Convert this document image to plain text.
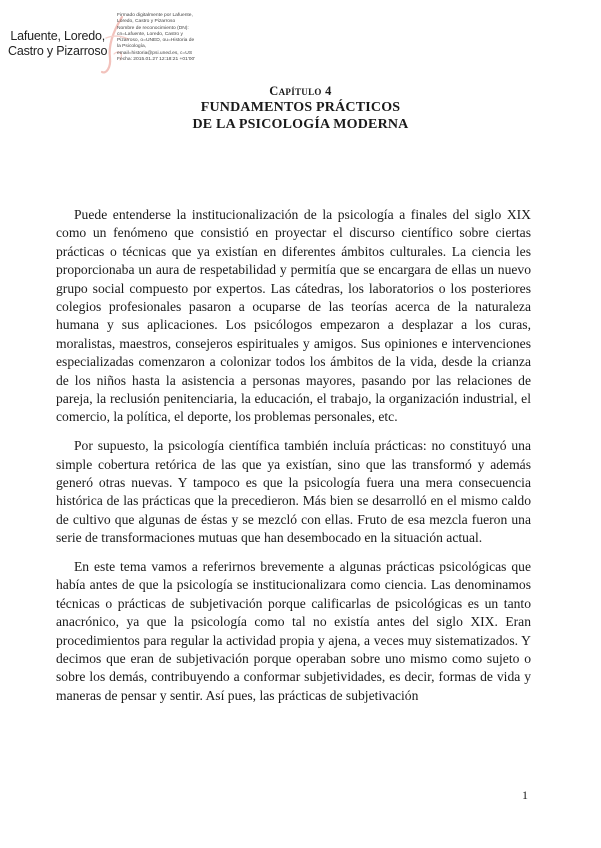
Lafuente, Loredo,
Castro y Pizarroso
Firmado digitalmente por Lafuente,
Loredo, Castro y Pizarroso
Nombre de reconocimiento (DN):
cn=Lafuente, Loredo, Castro y
Pizarroso, o=UNED, ou=Historia de
la Psicología,
email=historia@psi.uned.es, c=US
Fecha: 2015.01.27 12:18:21 +01'00'
Capítulo 4
FUNDAMENTOS PRÁCTICOS
DE LA PSICOLOGÍA MODERNA

Puede entenderse la institucionalización de la psicología a finales del siglo XIX como un fenómeno que consistió en proyectar el discurso científico sobre ciertas prácticas o técnicas que ya existían en diferentes ámbitos culturales. La ciencia les proporcionaba un aura de respetabilidad y permitía que se encargara de ellas un nuevo grupo social compuesto por expertos. Las cátedras, los laboratorios o los posteriores colegios profesionales pasaron a ocuparse de las teorías acerca de la naturaleza humana y sus aplicaciones. Los psicólogos empezaron a desplazar a los curas, moralistas, maestros, consejeros espirituales y amigos. Sus opiniones e intervenciones especializadas comenzaron a colonizar todos los ámbitos de la vida, desde la crianza de los niños hasta la asistencia a personas mayores, pasando por las relaciones de pareja, la reclusión penitenciaria, la educación, el trabajo, la organización industrial, el comercio, la política, el deporte, los problemas personales, etc.

Por supuesto, la psicología científica también incluía prácticas: no constituyó una simple cobertura retórica de las que ya existían, sino que las transformó y además generó otras nuevas. Y tampoco es que la psicología fuera una mera consecuencia histórica de las prácticas que la precedieron. Más bien se desarrolló en el mismo caldo de cultivo que algunas de éstas y se mezcló con ellas. Fruto de esa mezcla fueron una serie de transformaciones mutuas que han desembocado en la situación actual.

En este tema vamos a referirnos brevemente a algunas prácticas psicológicas que había antes de que la psicología se institucionalizara como ciencia. Las denominamos técnicas o prácticas de subjetivación porque calificarlas de psicológicas es un tanto anacrónico, ya que la psicología como tal no existía antes del siglo XIX. Eran procedimientos para regular la actividad propia y ajena, a veces muy sistematizados. Y decimos que eran de subjetivación porque operaban sobre uno mismo como sujeto o sobre los demás, contribuyendo a conformar subjetividades, es decir, formas de vida y maneras de pensar y sentir. Así pues, las prácticas de subjetivación

1
